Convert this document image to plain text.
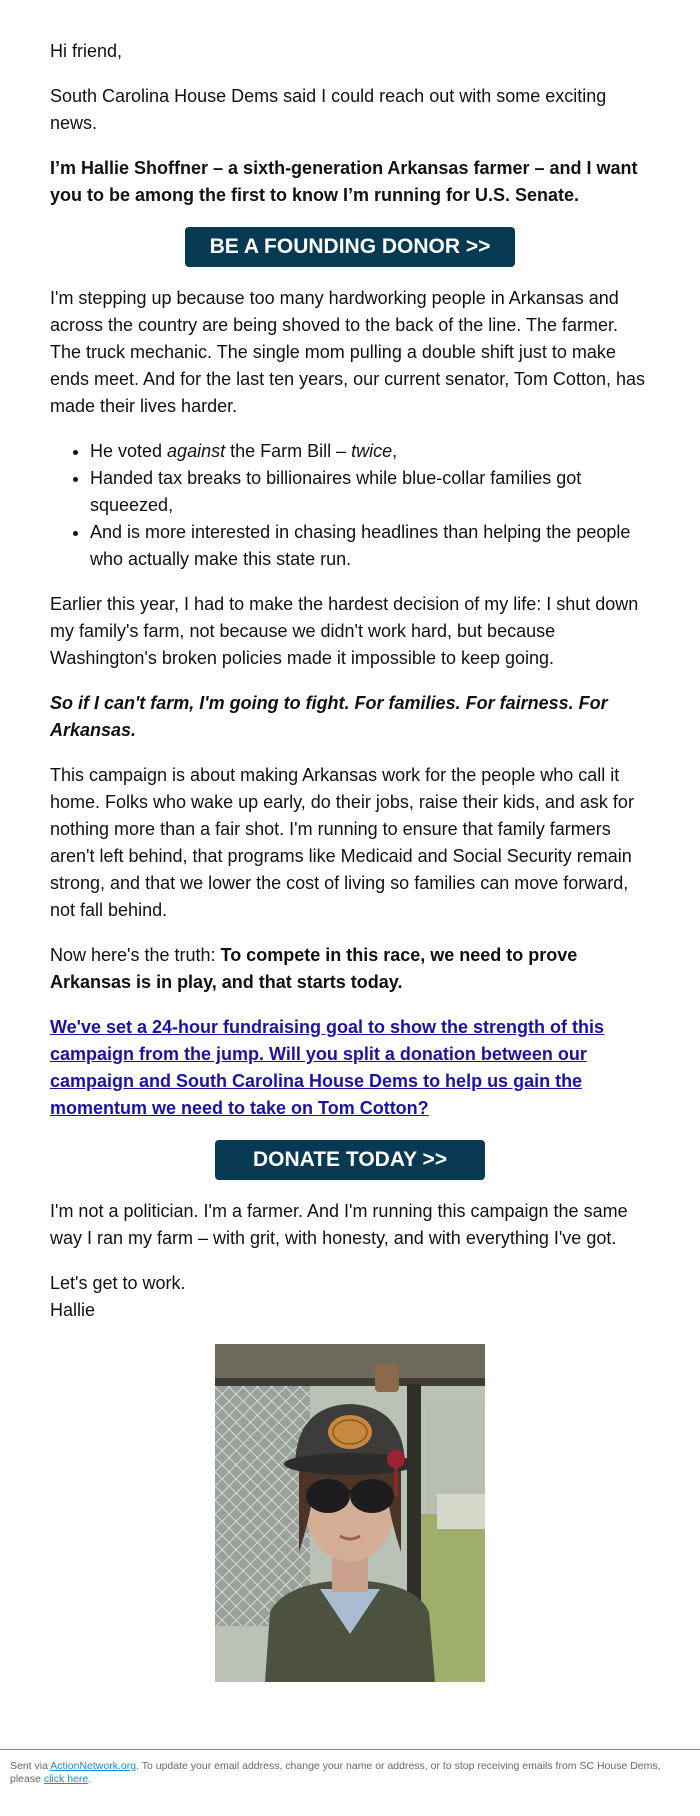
Hi friend,

South Carolina House Dems said I could reach out with some exciting news.

I’m Hallie Shoffner – a sixth-generation Arkansas farmer – and I want you to be among the first to know I’m running for U.S. Senate.

BE A FOUNDING DONOR >>

I'm stepping up because too many hardworking people in Arkansas and across the country are being shoved to the back of the line. The farmer. The truck mechanic. The single mom pulling a double shift just to make ends meet. And for the last ten years, our current senator, Tom Cotton, has made their lives harder.

• He voted against the Farm Bill – twice,
• Handed tax breaks to billionaires while blue-collar families got squeezed,
• And is more interested in chasing headlines than helping the people who actually make this state run.

Earlier this year, I had to make the hardest decision of my life: I shut down my family's farm, not because we didn't work hard, but because Washington's broken policies made it impossible to keep going.

So if I can't farm, I'm going to fight. For families. For fairness. For Arkansas.

This campaign is about making Arkansas work for the people who call it home. Folks who wake up early, do their jobs, raise their kids, and ask for nothing more than a fair shot. I'm running to ensure that family farmers aren't left behind, that programs like Medicaid and Social Security remain strong, and that we lower the cost of living so families can move forward, not fall behind.

Now here's the truth: To compete in this race, we need to prove Arkansas is in play, and that starts today.

We've set a 24-hour fundraising goal to show the strength of this campaign from the jump. Will you split a donation between our campaign and South Carolina House Dems to help us gain the momentum we need to take on Tom Cotton?

DONATE TODAY >>

I'm not a politician. I'm a farmer. And I'm running this campaign the same way I ran my farm – with grit, with honesty, and with everything I've got.

Let's get to work.
Hallie

Sent via ActionNetwork.org. To update your email address, change your name or address, or to stop receiving emails from SC House Dems, please click here.
